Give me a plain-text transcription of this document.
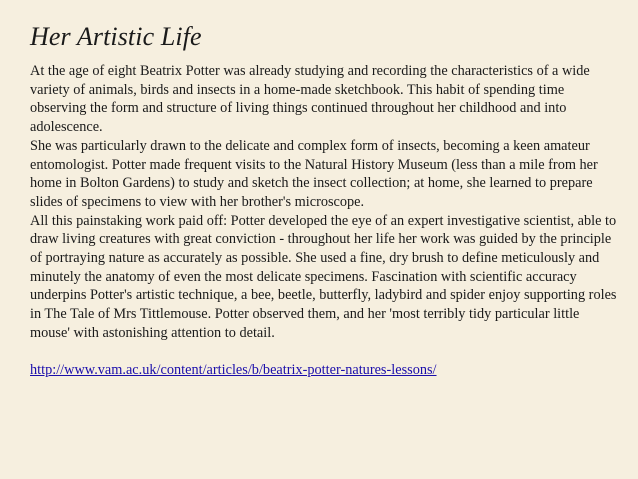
Her Artistic Life

At the age of eight Beatrix Potter was already studying and recording the characteristics of a wide variety of animals, birds and insects in a home-made sketchbook. This habit of spending time observing the form and structure of living things continued throughout her childhood and into adolescence.

She was particularly drawn to the delicate and complex form of insects, becoming a keen amateur entomologist. Potter made frequent visits to the Natural History Museum (less than a mile from her home in Bolton Gardens) to study and sketch the insect collection; at home, she learned to prepare slides of specimens to view with her brother's microscope.

All this painstaking work paid off: Potter developed the eye of an expert investigative scientist, able to draw living creatures with great conviction - throughout her life her work was guided by the principle of portraying nature as accurately as possible. She used a fine, dry brush to define meticulously and minutely the anatomy of even the most delicate specimens. Fascination with scientific accuracy underpins Potter's artistic technique, a bee, beetle, butterfly, ladybird and spider enjoy supporting roles in The Tale of Mrs Tittlemouse. Potter observed them, and her 'most terribly tidy particular little mouse' with astonishing attention to detail.

http://www.vam.ac.uk/content/articles/b/beatrix-potter-natures-lessons/
